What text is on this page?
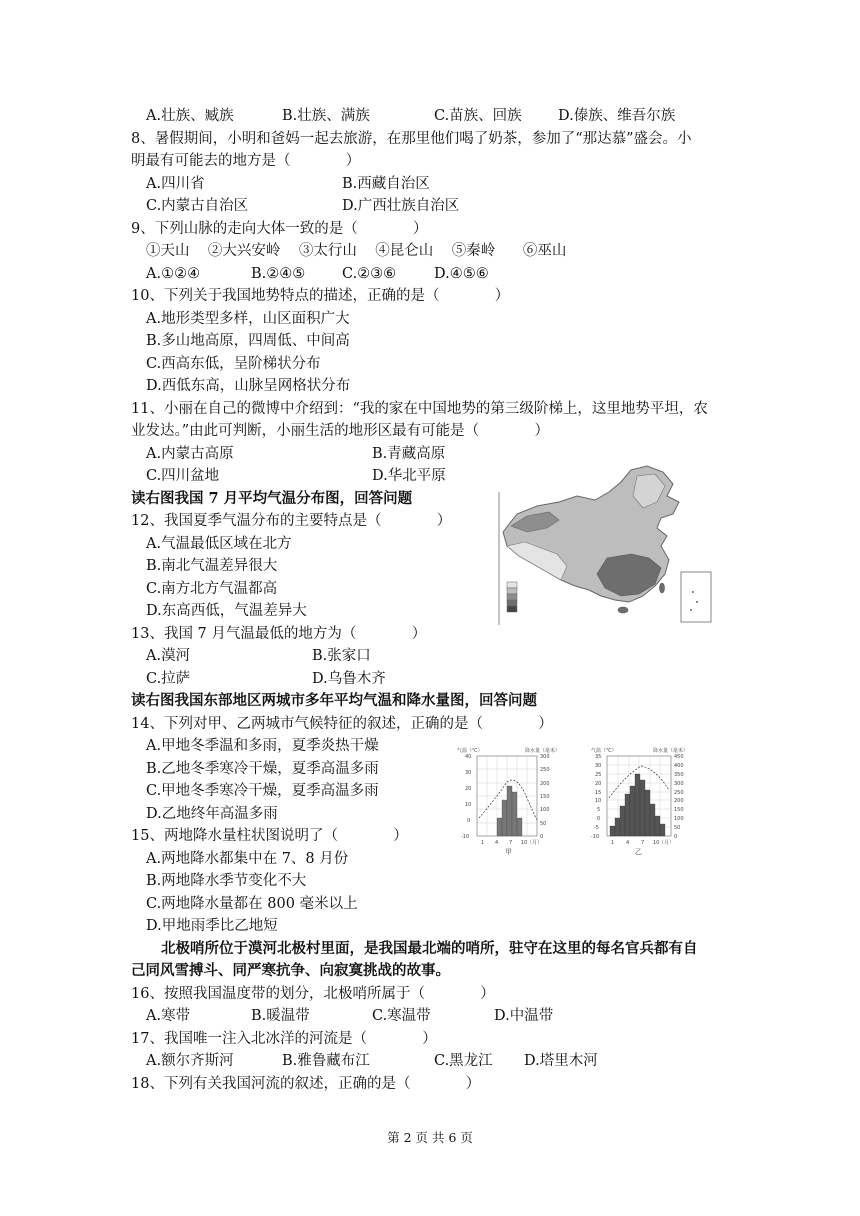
A.壮族、臧族	B.壮族、满族	C.苗族、回族	D.傣族、维吾尔族
8、暑假期间，小明和爸妈一起去旅游，在那里他们喝了奶茶，参加了“那达慕”盛会。小
明最有可能去的地方是（            ）
A.四川省	B.西藏自治区
C.内蒙古自治区	D.广西壮族自治区
9、下列山脉的走向大体一致的是（            ）
①天山    ②大兴安岭    ③太行山    ④昆仑山    ⑤秦岭      ⑥巫山
A.①②④	B.②④⑤	C.②③⑥	D.④⑤⑥
10、下列关于我国地势特点的描述，正确的是（            ）
A.地形类型多样，山区面积广大
B.多山地高原，四周低、中间高
C.西高东低，呈阶梯状分布
D.西低东高，山脉呈网格状分布
11、小丽在自己的微博中介绍到：“我的家在中国地势的第三级阶梯上，这里地势平坦，农
业发达。”由此可判断，小丽生活的地形区最有可能是（            ）
A.内蒙古高原	B.青藏高原
C.四川盆地	D.华北平原
读右图我国 7 月平均气温分布图，回答问题
12、我国夏季气温分布的主要特点是（            ）
A.气温最低区域在北方
B.南北气温差异很大
C.南方北方气温都高
D.东高西低，气温差异大
13、我国 7 月气温最低的地方为（            ）
A.漠河	B.张家口
C.拉萨	D.乌鲁木齐
读右图我国东部地区两城市多年平均气温和降水量图，回答问题
14、下列对甲、乙两城市气候特征的叙述，正确的是（            ）
A.甲地冬季温和多雨，夏季炎热干燥
B.乙地冬季寒冷干燥，夏季高温多雨
C.甲地冬季寒冷干燥，夏季高温多雨
D.乙地终年高温多雨
15、两地降水量柱状图说明了（            ）
A.两地降水都集中在 7、8 月份
B.两地降水季节变化不大
C.两地降水量都在 800 毫米以上
D.甲地雨季比乙地短
气温（℃）	降水量（毫米）
40
30
20
10
0
-10
300
250
200
150
100
50
0
1 4 7 10 （月）
甲
气温（℃）	降水量（毫米）
35
30
25
20
15
10
5
0
-5
-10
450
400
350
300
250
200
150
100
50
0
1 4 7 10 （月）
乙
北极哨所位于漠河北极村里面，是我国最北端的哨所，驻守在这里的每名官兵都有自
己同风雪搏斗、同严寒抗争、向寂寞挑战的故事。
16、按照我国温度带的划分，北极哨所属于（            ）
A.寒带	B.暖温带	C.寒温带	D.中温带
17、我国唯一注入北冰洋的河流是（            ）
A.额尔齐斯河	B.雅鲁藏布江	C.黑龙江 D.塔里木河
18、下列有关我国河流的叙述，正确的是（            ）
第 2 页 共 6 页
